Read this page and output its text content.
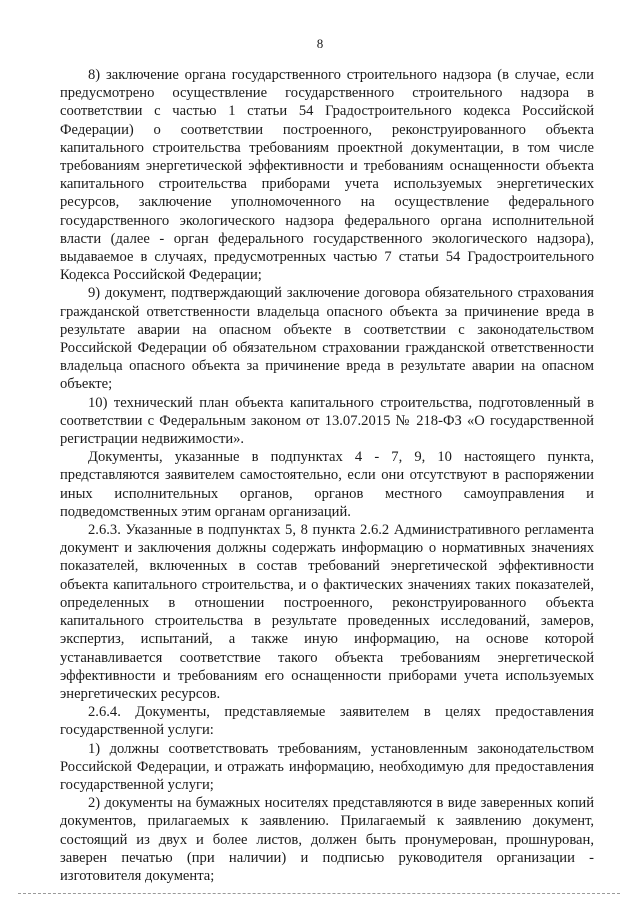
8

8) заключение органа государственного строительного надзора (в случае, если предусмотрено осуществление государственного строительного надзора в соответствии с частью 1 статьи 54 Градостроительного кодекса Российской Федерации) о соответствии построенного, реконструированного объекта капитального строительства требованиям проектной документации, в том числе требованиям энергетической эффективности и требованиям оснащенности объекта капитального строительства приборами учета используемых энергетических ресурсов, заключение уполномоченного на осуществление федерального государственного экологического надзора федерального органа исполнительной власти (далее - орган федерального государственного экологического надзора), выдаваемое в случаях, предусмотренных частью 7 статьи 54 Градостроительного Кодекса Российской Федерации;

9) документ, подтверждающий заключение договора обязательного страхования гражданской ответственности владельца опасного объекта за причинение вреда в результате аварии на опасном объекте в соответствии с законодательством Российской Федерации об обязательном страховании гражданской ответственности владельца опасного объекта за причинение вреда в результате аварии на опасном объекте;

10) технический план объекта капитального строительства, подготовленный в соответствии с Федеральным законом от 13.07.2015 № 218-ФЗ «О государственной регистрации недвижимости».

Документы, указанные в подпунктах 4 - 7, 9, 10 настоящего пункта, представляются заявителем самостоятельно, если они отсутствуют в распоряжении иных исполнительных органов, органов местного самоуправления и подведомственных этим органам организаций.

2.6.3. Указанные в подпунктах 5, 8 пункта 2.6.2 Административного регламента документ и заключения должны содержать информацию о нормативных значениях показателей, включенных в состав требований энергетической эффективности объекта капитального строительства, и о фактических значениях таких показателей, определенных в отношении построенного, реконструированного объекта капитального строительства в результате проведенных исследований, замеров, экспертиз, испытаний, а также иную информацию, на основе которой устанавливается соответствие такого объекта требованиям энергетической эффективности и требованиям его оснащенности приборами учета используемых энергетических ресурсов.

2.6.4. Документы, представляемые заявителем в целях предоставления государственной услуги:

1) должны соответствовать требованиям, установленным законодательством Российской Федерации, и отражать информацию, необходимую для предоставления государственной услуги;

2) документы на бумажных носителях представляются в виде заверенных копий документов, прилагаемых к заявлению. Прилагаемый к заявлению документ, состоящий из двух и более листов, должен быть пронумерован, прошнурован, заверен печатью (при наличии) и подписью руководителя организации - изготовителя документа;
